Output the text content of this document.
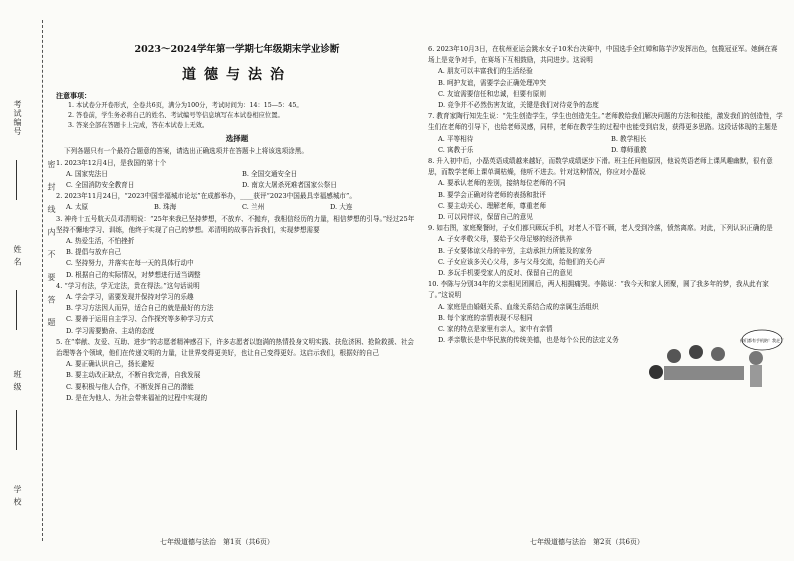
考试编号
姓 名
班 级
学 校
密 封 线 内 不 要 答 题
2023～2024学年第一学期七年级期末学业诊断
道德与法治
注意事项：
1. 本试卷分开卷形式，全卷共6页，满分为100分，考试时间为：14：15—5：45。
2. 答卷前，学生务必将自己的姓名、考试编号等信息填写在本试卷相应位置。
3. 答案全部在答题卡上完成，答在本试卷上无效。
选择题
下列各题只有一个最符合题意的答案，请选出正确选项并在答题卡上将该选项涂黑。
1. 2023年12月4日，是我国的第十个
A. 国家宪法日	B. 全国交通安全日
C. 全国消防安全教育日	D. 南京大屠杀死难者国家公祭日
2. 2023年11月24日，“2023中国幸福城市论坛”在成都举办，____获评“2023中国最具幸福感城市”。
A. 太原	B. 珠海	C. 兰州	D. 大连
3. 神舟十五号航天员邓清明说：“25年来我已坚持梦想，不放弃、不抛弃，我相信经历的力量，相信梦想的引导。”经过25年坚持不懈地学习、训练，他终于实现了自己的梦想。邓清明的故事告诉我们，实现梦想需要
A. 热爱生活，不怕挫折
B. 提倡与放弃自己
C. 坚持努力，并落实在每一天的具体行动中
D. 根据自己的实际情况，对梦想进行适当调整
4. “学习有法，学无定法，贵在得法。”这句话说明
A. 学会学习，需要发现并保持对学习的乐趣
B. 学习方法因人而异，适合自己的就是最好的方法
C. 要善于运用自主学习、合作探究等多种学习方式
D. 学习需要勤奋、主动的态度
5. 在“奉献、友爱、互助、进步”的志愿者精神感召下，许多志愿者以饱满的热情投身文明实践、扶危济困、抢险救援、社会治理等各个领域，他们在传递文明的力量，让世界变得更美好，也让自己变得更好。这启示我们，根据好的自己
A. 要正确认识自己，扬长避短
B. 要主动改正缺点，不断自我完善，自我发展
C. 要积极与他人合作，不断发挥自己的潜能
D. 是在为他人、为社会带来福祉的过程中实现的
6. 2023年10月3日，在杭州亚运会跳水女子10米台决赛中，中国选手全红婵和陈芋汐发挥出色，包揽冠亚军。她俩在赛场上是竞争对手，在赛场下互相鼓励，共同进步。这说明
A. 朋友可以丰富我们的生活经验
B. 呵护友谊，需要学会正确处理冲突
C. 友谊需要信任和忠诚，但要有原则
D. 竞争并不必然伤害友谊，关键是我们对待竞争的态度
7. 教育家陶行知先生说：“先生创造学生，学生也创造先生。”老师教给我们解决问题的方法和技能，激发我们的创造性，学生们在老师的引导下，也给老师灵感，同样，老师在教学生的过程中也能受到启发，获得更多思路。这段话体现的主题是
A. 平等相待	B. 教学相长
C. 寓教于乐	D. 尊师重教
8. 升入初中后，小磊英语成绩越来越好，而数学成绩逐步下滑。班主任问他原因，他说英语老师上课风趣幽默，很有意思，而数学老师上课单调枯燥，他听不进去。针对这种情况，你应对小磊说
A. 要承认老师的差别，接纳每位老师的不同
B. 要学会正确对待老师的表扬和批评
C. 要主动关心、理解老师，尊重老师
D. 可以同伴议，保留自己的意见
9. 如右图，家庭聚餐时，子女们都只顾玩手机，对老人不管不顾，老人受到冷落，愤然离席。对此，下列认识正确的是
A. 子女孝敬父母，要给予父母足够的经济供养
B. 子女要体谅父母的辛劳，主动承担力所能及的家务
C. 子女应该多关心父母，多与父母交流，给他们的关心声
D. 多玩手机要受家人的反对、保留自己的意见
10. 李陈与分别34年的父亲相见团圆后，两人相拥痛哭。李陈说：“我今天和家人团聚，圆了我多年的梦，我从此有家了。”这说明
A. 家庭是由婚姻关系、血缘关系结合成的亲属生活组织
B. 每个家庭的亲情表现不尽相同
C. 家的特点是家里有亲人，家中有亲情
D. 孝亲敬长是中华民族的传统美德，也是每个公民的法定义务	你们都有手机陪！我走了
七年级道德与法治　第1页（共6页）	七年级道德与法治　第2页（共6页）
